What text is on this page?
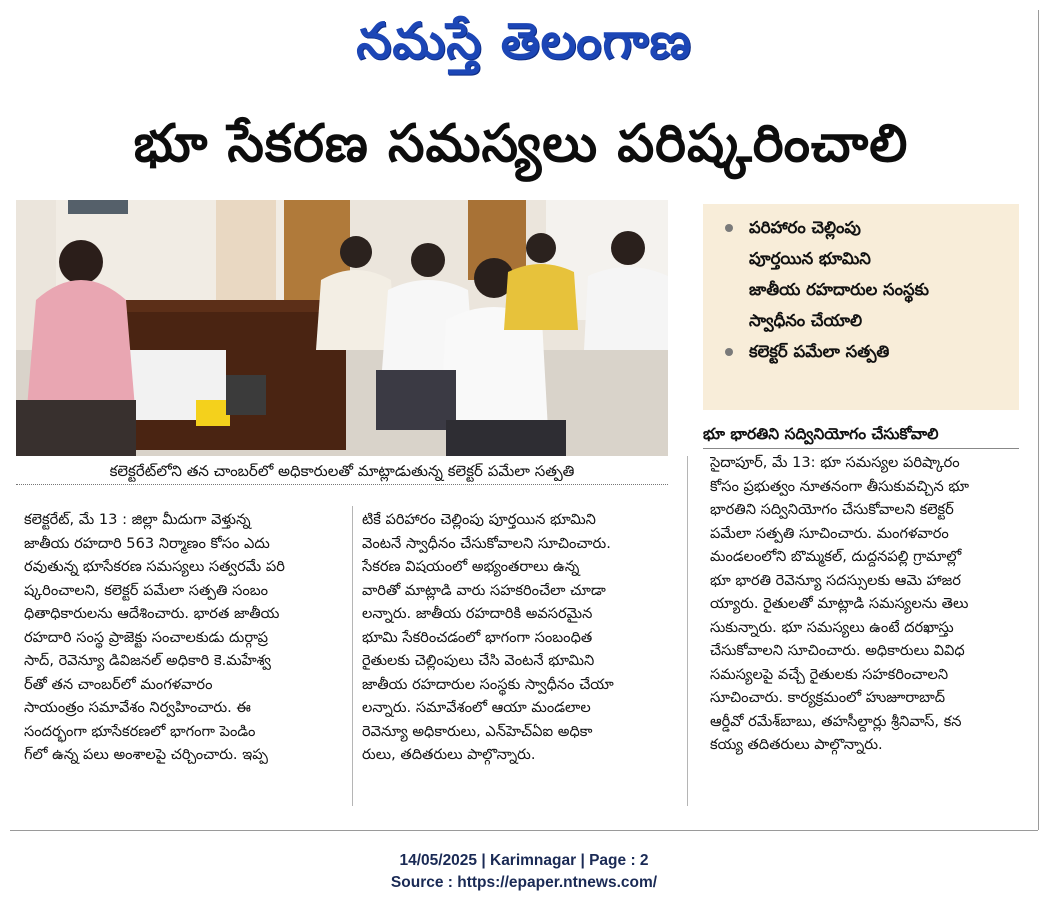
నమస్తే తెలంగాణ
భూ సేకరణ సమస్యలు పరిష్కరించాలి
కలెక్టరేట్‌లోని తన చాంబర్‌లో అధికారులతో మాట్లాడుతున్న కలెక్టర్ పమేలా సత్పతి
పరిహారం చెల్లింపు
పూర్తయిన భూమిని
జాతీయ రహదారుల సంస్థకు
స్వాధీనం చేయాలి
కలెక్టర్ పమేలా సత్పతి
భూ భారతిని సద్వినియోగం చేసుకోవాలి
కలెక్టరేట్, మే 13 : జిల్లా మీదుగా వెళ్తున్న
జాతీయ రహదారి 563 నిర్మాణం కోసం ఎదు
రవుతున్న భూసేకరణ సమస్యలు సత్వరమే పరి
ష్కరించాలని, కలెక్టర్ పమేలా సత్పతి సంబం
ధితాధికారులను ఆదేశించారు. భారత జాతీయ
రహదారి సంస్థ ప్రాజెక్టు సంచాలకుడు దుర్గాప్ర
సాద్, రెవెన్యూ డివిజనల్ అధికారి కె.మహేశ్వ
ర్‌తో తన చాంబర్‌లో మంగళవారం
సాయంత్రం సమావేశం నిర్వహించారు. ఈ
సందర్భంగా భూసేకరణలో భాగంగా పెండిం
గ్‌లో ఉన్న పలు అంశాలపై చర్చించారు. ఇప్ప
టికే పరిహారం చెల్లింపు పూర్తయిన భూమిని
వెంటనే స్వాధీనం చేసుకోవాలని సూచించారు.
సేకరణ విషయంలో అభ్యంతరాలు ఉన్న
వారితో మాట్లాడి వారు సహకరించేలా చూడా
లన్నారు. జాతీయ రహదారికి అవసరమైన
భూమి సేకరించడంలో భాగంగా సంబంధిత
రైతులకు చెల్లింపులు చేసి వెంటనే భూమిని
జాతీయ రహదారుల సంస్థకు స్వాధీనం చేయా
లన్నారు. సమావేశంలో ఆయా మండలాల
రెవెన్యూ అధికారులు, ఎన్‌హెచ్‌ఏఐ అధికా
రులు, తదితరులు పాల్గొన్నారు.
సైదాపూర్, మే 13: భూ సమస్యల పరిష్కారం
కోసం ప్రభుత్వం నూతనంగా తీసుకువచ్చిన భూ
భారతిని సద్వినియోగం చేసుకోవాలని కలెక్టర్
పమేలా సత్పతి సూచించారు. మంగళవారం
మండలంలోని బొమ్మకల్, దుద్దనపల్లి గ్రామాల్లో
భూ భారతి రెవెన్యూ సదస్సులకు ఆమె హాజర
య్యారు. రైతులతో మాట్లాడి సమస్యలను తెలు
సుకున్నారు. భూ సమస్యలు ఉంటే దరఖాస్తు
చేసుకోవాలని సూచించారు. అధికారులు వివిధ
సమస్యలపై వచ్చే రైతులకు సహకరించాలని
సూచించారు. కార్యక్రమంలో హుజూరాబాద్
ఆర్డీవో రమేశ్‌బాబు, తహసీల్దార్లు శ్రీనివాస్, కన
కయ్య తదితరులు పాల్గొన్నారు.
14/05/2025 | Karimnagar | Page : 2
Source : https://epaper.ntnews.com/
